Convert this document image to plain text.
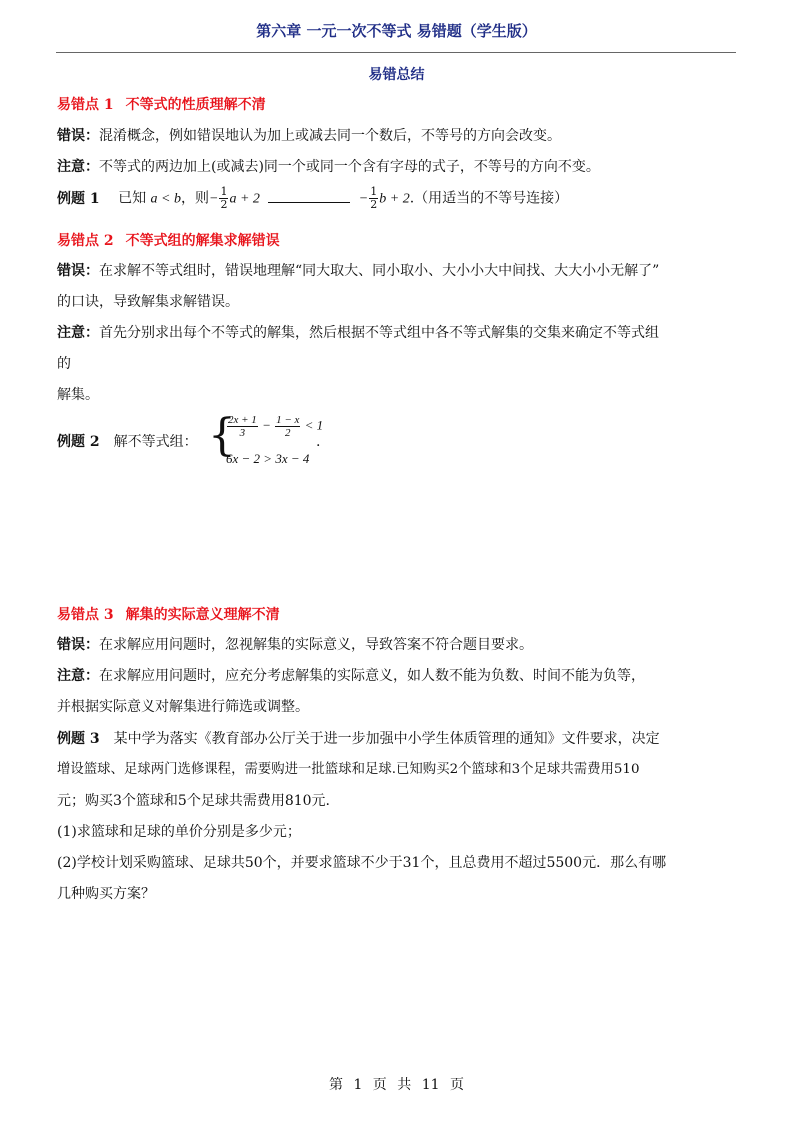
第六章 一元一次不等式 易错题（学生版）
易错总结
易错点 1 不等式的性质理解不清
错误：混淆概念，例如错误地认为加上或减去同一个数后，不等号的方向会改变。
注意：不等式的两边加上(或减去)同一个或同一个含有字母的式子，不等号的方向不变。
例题 1 已知 a < b，则− $\frac{1}{2}$ a + 2	− $\frac{1}{2}$ b + 2.（用适当的不等号连接）
易错点 2 不等式组的解集求解错误
错误：在求解不等式组时，错误地理解“同大取大、同小取小、大小小大中间找、大大小小无解了”
的口诀，导致解集求解错误。
注意：首先分别求出每个不等式的解集，然后根据不等式组中各不等式解集的交集来确定不等式组
的
解集。
例题 2 解不等式组： {
$\frac{2x + 1}{3} - \frac{1 - x}{2} < 1$
6x − 2 > 3x − 4
.
易错点 3 解集的实际意义理解不清
错误：在求解应用问题时，忽视解集的实际意义，导致答案不符合题目要求。
注意：在求解应用问题时，应充分考虑解集的实际意义，如人数不能为负数、时间不能为负等，
并根据实际意义对解集进行筛选或调整。
例题 3 某中学为落实《教育部办公厅关于进一步加强中小学生体质管理的通知》文件要求，决定
增设篮球、足球两门选修课程，需要购进一批篮球和足球.已知购买2个篮球和3个足球共需费用510
元；购买3个篮球和5个足球共需费用810元.
(1)求篮球和足球的单价分别是多少元；
(2)学校计划采购篮球、足球共50个，并要求篮球不少于31个，且总费用不超过5500元．那么有哪
几种购买方案？
第 1 页 共 11 页
